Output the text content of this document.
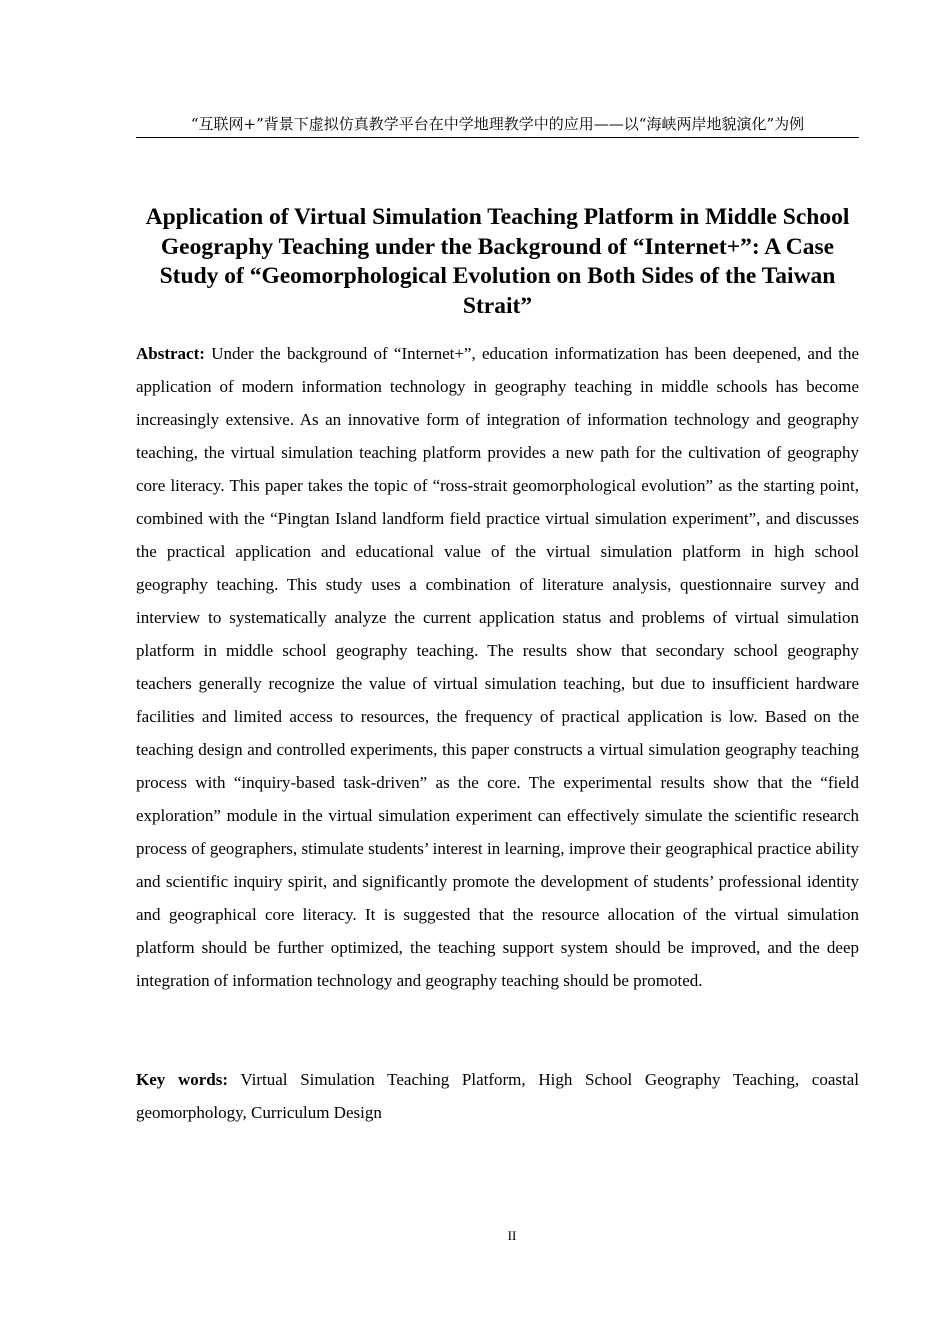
“互联网+”背景下虚拟仿真教学平台在中学地理教学中的应用——以“海峡两岸地貌演化”为例
Application of Virtual Simulation Teaching Platform in Middle School Geography Teaching under the Background of “Internet+”: A Case Study of “Geomorphological Evolution on Both Sides of the Taiwan Strait”

Abstract: Under the background of “Internet+”, education informatization has been deepened, and the application of modern information technology in geography teaching in middle schools has become increasingly extensive. As an innovative form of integration of information technology and geography teaching, the virtual simulation teaching platform provides a new path for the cultivation of geography core literacy. This paper takes the topic of “ross-strait geomorphological evolution” as the starting point, combined with the “Pingtan Island landform field practice virtual simulation experiment”, and discusses the practical application and educational value of the virtual simulation platform in high school geography teaching. This study uses a combination of literature analysis, questionnaire survey and interview to systematically analyze the current application status and problems of virtual simulation platform in middle school geography teaching. The results show that secondary school geography teachers generally recognize the value of virtual simulation teaching, but due to insufficient hardware facilities and limited access to resources, the frequency of practical application is low. Based on the teaching design and controlled experiments, this paper constructs a virtual simulation geography teaching process with “inquiry-based task-driven” as the core. The experimental results show that the “field exploration” module in the virtual simulation experiment can effectively simulate the scientific research process of geographers, stimulate students’ interest in learning, improve their geographical practice ability and scientific inquiry spirit, and significantly promote the development of students’ professional identity and geographical core literacy. It is suggested that the resource allocation of the virtual simulation platform should be further optimized, the teaching support system should be improved, and the deep integration of information technology and geography teaching should be promoted.

Key words: Virtual Simulation Teaching Platform, High School Geography Teaching, coastal geomorphology, Curriculum Design

II
